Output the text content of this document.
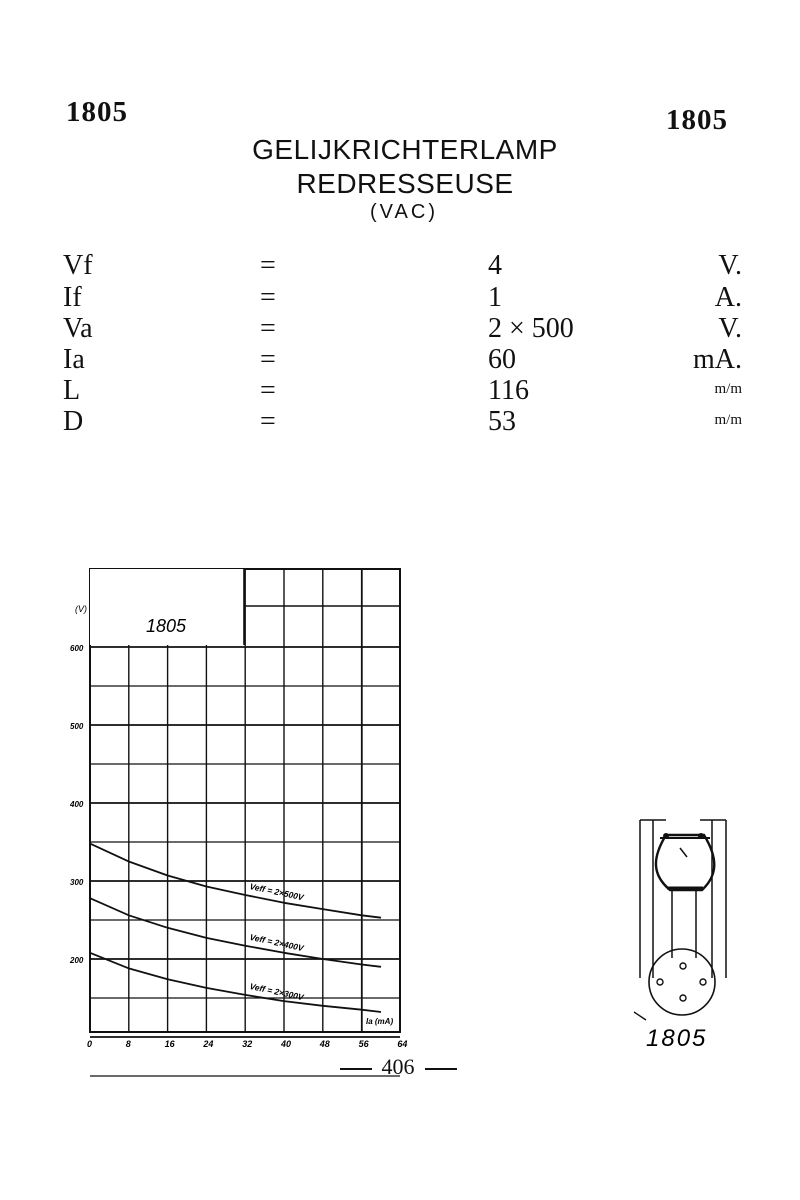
1805	1805
GELIJKRICHTERLAMP
REDRESSEUSE
(VAC)
Vf	=	4	V.
If	=	1	A.
Va	=	2 × 500	V.
Ia	=	60	mA.
L	=	116	m/m
D	=	53	m/m
0	8	16	24	32	40	48	56	64
600
500
400
300
200
Ia (mA)
Veff = 2×500V
Veff = 2×400V
Veff = 2×300V
1805
(V)
1805
406
